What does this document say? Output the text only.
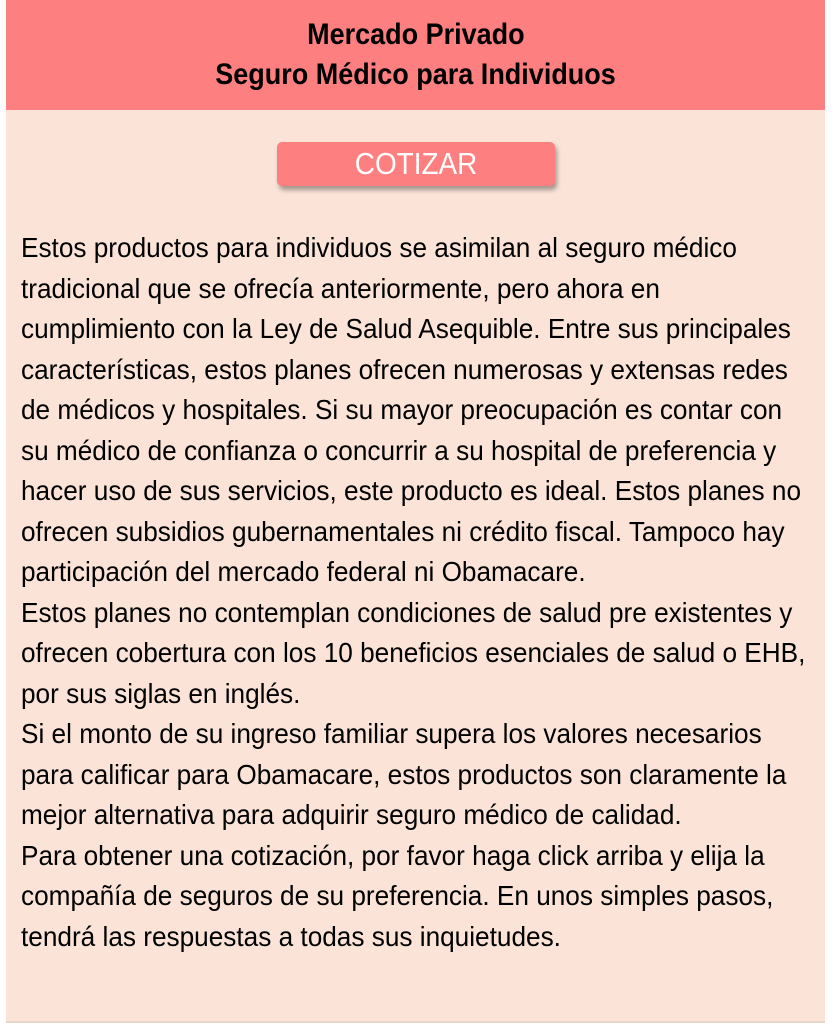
Mercado Privado
Seguro Médico para Individuos
COTIZAR

Estos productos para individuos se asimilan al seguro médico tradicional que se ofrecía anteriormente, pero ahora en cumplimiento con la Ley de Salud Asequible. Entre sus principales características, estos planes ofrecen numerosas y extensas redes de médicos y hospitales. Si su mayor preocupación es contar con su médico de confianza o concurrir a su hospital de preferencia y hacer uso de sus servicios, este producto es ideal. Estos planes no ofrecen subsidios gubernamentales ni crédito fiscal. Tampoco hay participación del mercado federal ni Obamacare.

Estos planes no contemplan condiciones de salud pre existentes y ofrecen cobertura con los 10 beneficios esenciales de salud o EHB, por sus siglas en inglés.

Si el monto de su ingreso familiar supera los valores necesarios para calificar para Obamacare, estos productos son claramente la mejor alternativa para adquirir seguro médico de calidad.

Para obtener una cotización, por favor haga click arriba y elija la compañía de seguros de su preferencia. En unos simples pasos, tendrá las respuestas a todas sus inquietudes.
